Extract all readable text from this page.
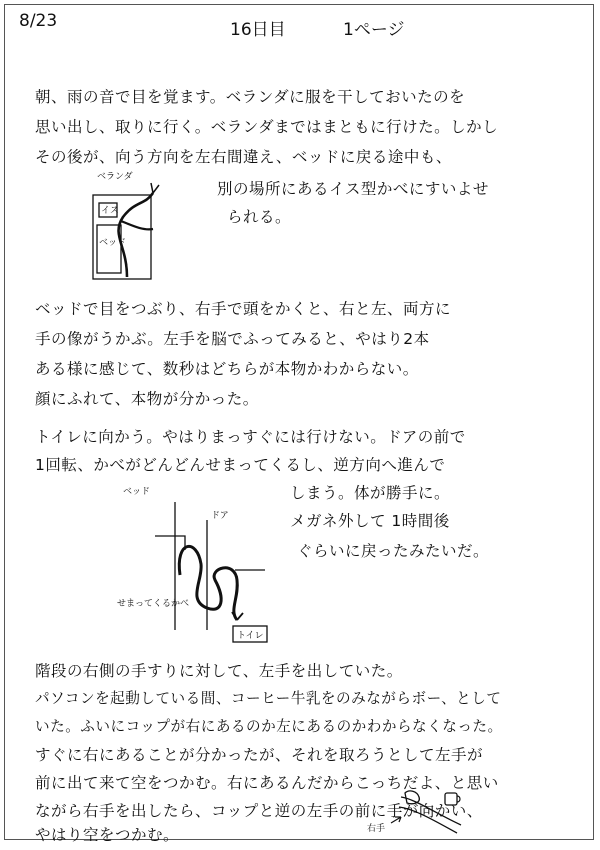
8/23	16日目	1ページ
朝、雨の音で目を覚ます。ベランダに服を干しておいたのを
思い出し、取りに行く。ベランダまではまともに行けた。しかし
その後が、向う方向を左右間違え、ベッドに戻る途中も、
別の場所にあるイス型かべにすいよせ
られる。
ベランダ
イス
ベッド
ベッドで目をつぶり、右手で頭をかくと、右と左、両方に
手の像がうかぶ。左手を脳でふってみると、やはり2本
ある様に感じて、数秒はどちらが本物かわからない。
顔にふれて、本物が分かった。
トイレに向かう。やはりまっすぐには行けない。ドアの前で
1回転、かべがどんどんせまってくるし、逆方向へ進んで
しまう。体が勝手に。
メガネ外して 1時間後
ぐらいに戻ったみたいだ。
ベッド
ドア
せまってくるかべ
トイレ
階段の右側の手すりに対して、左手を出していた。
パソコンを起動している間、コーヒー牛乳をのみながらボー、として
いた。ふいにコップが右にあるのか左にあるのかわからなくなった。
すぐに右にあることが分かったが、それを取ろうとして左手が
前に出て来て空をつかむ。右にあるんだからこっちだよ、と思い
ながら右手を出したら、コップと逆の左手の前に手が向かい、
やはり空をつかむ。	右手
